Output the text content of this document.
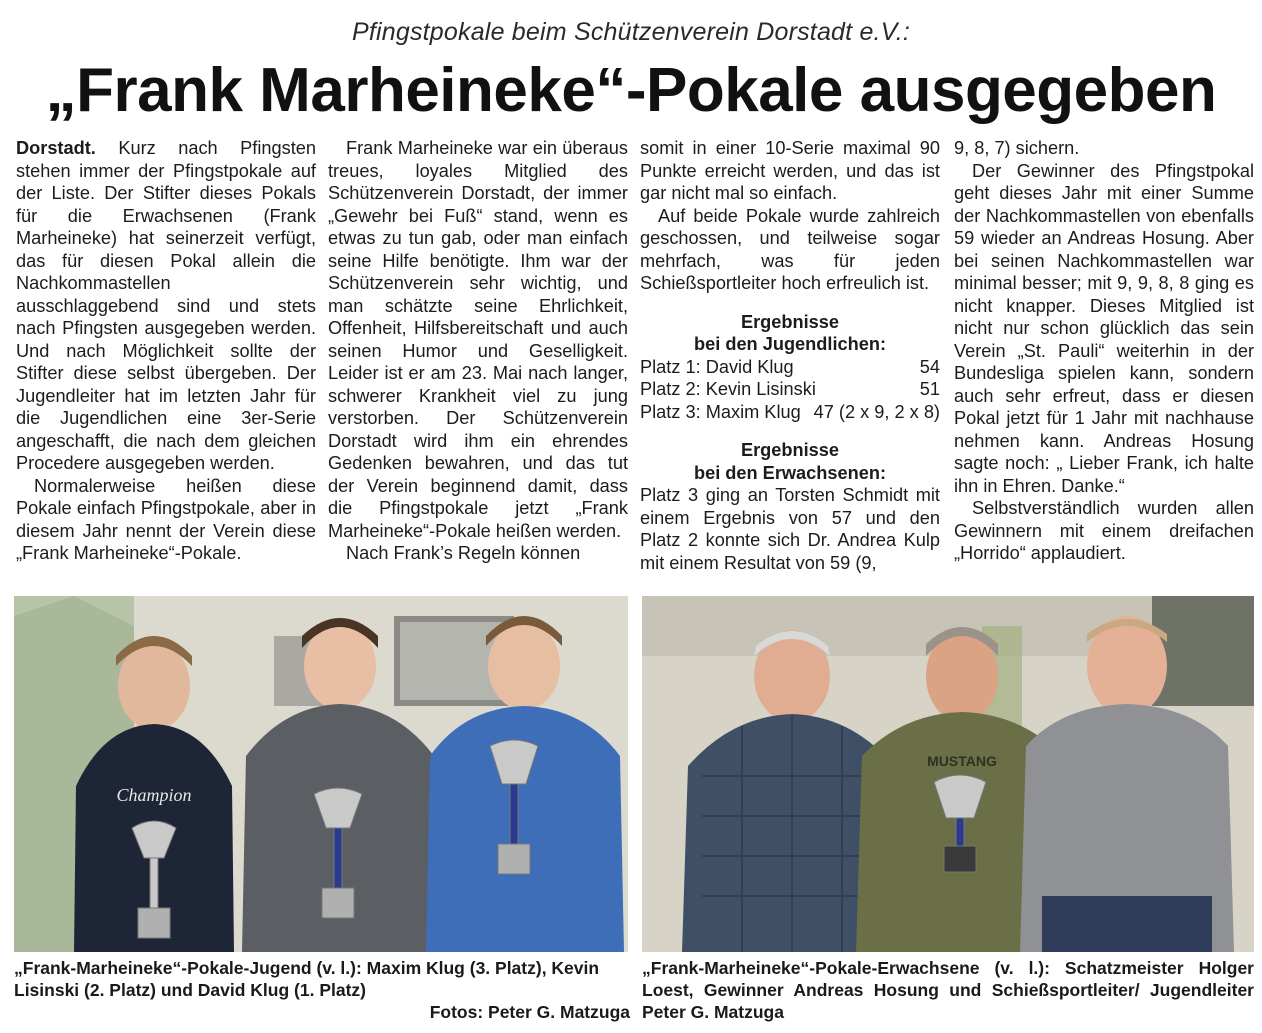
Pfingstpokale beim Schützenverein Dorstadt e.V.:
„Frank Marheineke“-Pokale ausgegeben

Dorstadt. Kurz nach Pfingsten stehen immer der Pfingstpokale auf der Liste. Der Stifter dieses Pokals für die Erwachsenen (Frank Marheineke) hat seinerzeit verfügt, das für diesen Pokal allein die Nachkommastellen ausschlaggebend sind und stets nach Pfingsten ausgegeben werden. Und nach Möglichkeit sollte der Stifter diese selbst übergeben. Der Jugendleiter hat im letzten Jahr für die Jugendlichen eine 3er-Serie angeschafft, die nach dem gleichen Procedere ausgegeben werden.

Normalerweise heißen diese Pokale einfach Pfingstpokale, aber in diesem Jahr nennt der Verein diese „Frank Marheineke“-Pokale.

Frank Marheineke war ein überaus treues, loyales Mitglied des Schützenverein Dorstadt, der immer „Gewehr bei Fuß“ stand, wenn es etwas zu tun gab, oder man einfach seine Hilfe benötigte. Ihm war der Schützenverein sehr wichtig, und man schätzte seine Ehrlichkeit, Offenheit, Hilfsbereitschaft und auch seinen Humor und Geselligkeit. Leider ist er am 23. Mai nach langer, schwerer Krankheit viel zu jung verstorben. Der Schützenverein Dorstadt wird ihm ein ehrendes Gedenken bewahren, und das tut der Verein beginnend damit, dass die Pfingstpokale jetzt „Frank Marheineke“-Pokale heißen werden.

Nach Frank’s Regeln können

somit in einer 10-Serie maximal 90 Punkte erreicht werden, und das ist gar nicht mal so einfach.

Auf beide Pokale wurde zahlreich geschossen, und teilweise sogar mehrfach, was für jeden Schießsportleiter hoch erfreulich ist.

Ergebnisse
bei den Jugendlichen:
Platz 1: David Klug	54
Platz 2: Kevin Lisinski	51
Platz 3: Maxim Klug 47 (2 x 9, 2 x 8)
Ergebnisse
bei den Erwachsenen:

Platz 3 ging an Torsten Schmidt mit einem Ergebnis von 57 und den Platz 2 konnte sich Dr. Andrea Kulp mit einem Resultat von 59 (9,

9, 8, 7) sichern.

Der Gewinner des Pfingstpokal geht dieses Jahr mit einer Summe der Nachkommastellen von ebenfalls 59 wieder an Andreas Hosung. Aber bei seinen Nachkommastellen war minimal besser; mit 9, 9, 8, 8 ging es nicht knapper. Dieses Mitglied ist nicht nur schon glücklich das sein Verein „St. Pauli“ weiterhin in der Bundesliga spielen kann, sondern auch sehr erfreut, dass er diesen Pokal jetzt für 1 Jahr mit nachhause nehmen kann. Andreas Hosung sagte noch: „ Lieber Frank, ich halte ihn in Ehren. Danke.“

Selbstverständlich wurden allen Gewinnern mit einem dreifachen „Horrido“ applaudiert.

Champion
MUSTANG
„Frank-Marheineke“-Pokale-Jugend (v. l.): Maxim Klug (3. Platz), Kevin Lisinski (2. Platz) und David Klug (1. Platz)
Fotos: Peter G. Matzuga
„Frank-Marheineke“-Pokale-Erwachsene (v. l.): Schatzmeister Holger Loest, Gewinner Andreas Hosung und Schießsportleiter/ Jugendleiter Peter G. Matzuga
